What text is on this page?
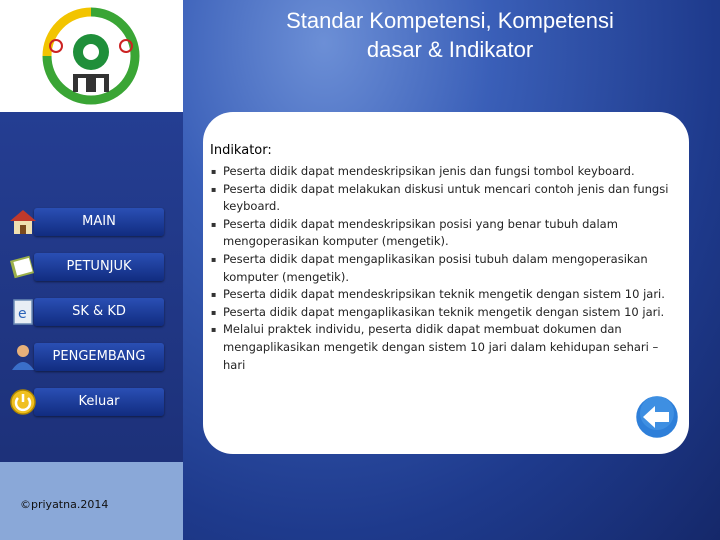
Standar Kompetensi, Kompetensi
dasar & Indikator
Indikator:
▪ Peserta didik dapat mendeskripsikan jenis dan fungsi tombol keyboard.
▪ Peserta didik dapat melakukan diskusi untuk mencari contoh jenis dan fungsi keyboard.
▪ Peserta didik dapat mendeskripsikan posisi yang benar tubuh dalam mengoperasikan komputer (mengetik).
▪ Peserta didik dapat mengaplikasikan posisi tubuh dalam mengoperasikan komputer (mengetik).
▪ Peserta didik dapat mendeskripsikan teknik mengetik dengan sistem 10 jari.
▪ Peserta didik dapat mengaplikasikan teknik mengetik dengan sistem 10 jari.
▪ Melalui praktek individu, peserta didik dapat membuat dokumen dan mengaplikasikan mengetik dengan sistem 10 jari dalam kehidupan sehari – hari
MAIN
PETUNJUK
SK & KD
e
PENGEMBANG
Keluar
©priyatna.2014
